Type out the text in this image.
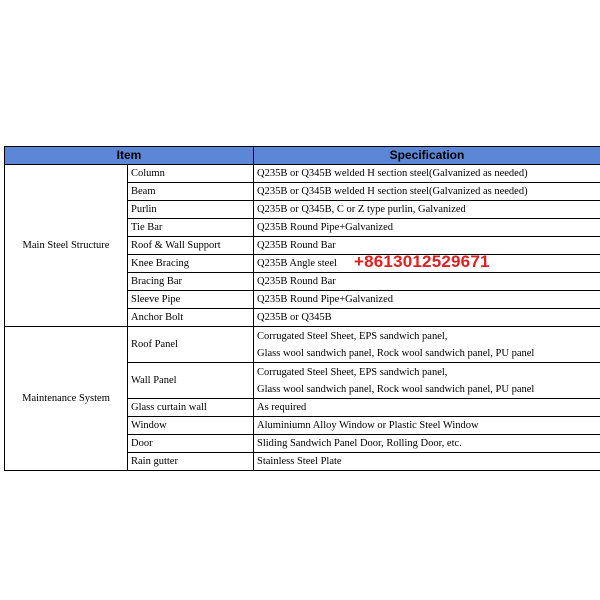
Item		Specification
Main Steel Structure	Column	Q235B or Q345B welded H section steel(Galvanized as needed)

	Beam	Q235B or Q345B welded H section steel(Galvanized as needed)

	Purlin	Q235B or Q345B, C or Z type purlin, Galvanized

	Tie Bar	Q235B Round Pipe+Galvanized

	Roof & Wall Support	Q235B Round Bar

	Knee Bracing	Q235B Angle steel

	Bracing Bar	Q235B Round Bar

	Sleeve Pipe	Q235B Round Pipe+Galvanized

	Anchor Bolt	Q235B or Q345B

Maintenance System	Roof Panel	Corrugated Steel Sheet, EPS sandwich panel,
Glass wool sandwich panel, Rock wool sandwich panel, PU panel

	Wall Panel	Corrugated Steel Sheet, EPS sandwich panel,
Glass wool sandwich panel, Rock wool sandwich panel, PU panel

	Glass curtain wall	As required

	Window	Aluminiumn Alloy Window or Plastic Steel Window

	Door	Sliding Sandwich Panel Door, Rolling Door, etc.

	Rain gutter	Stainless Steel Plate
+8613012529671
